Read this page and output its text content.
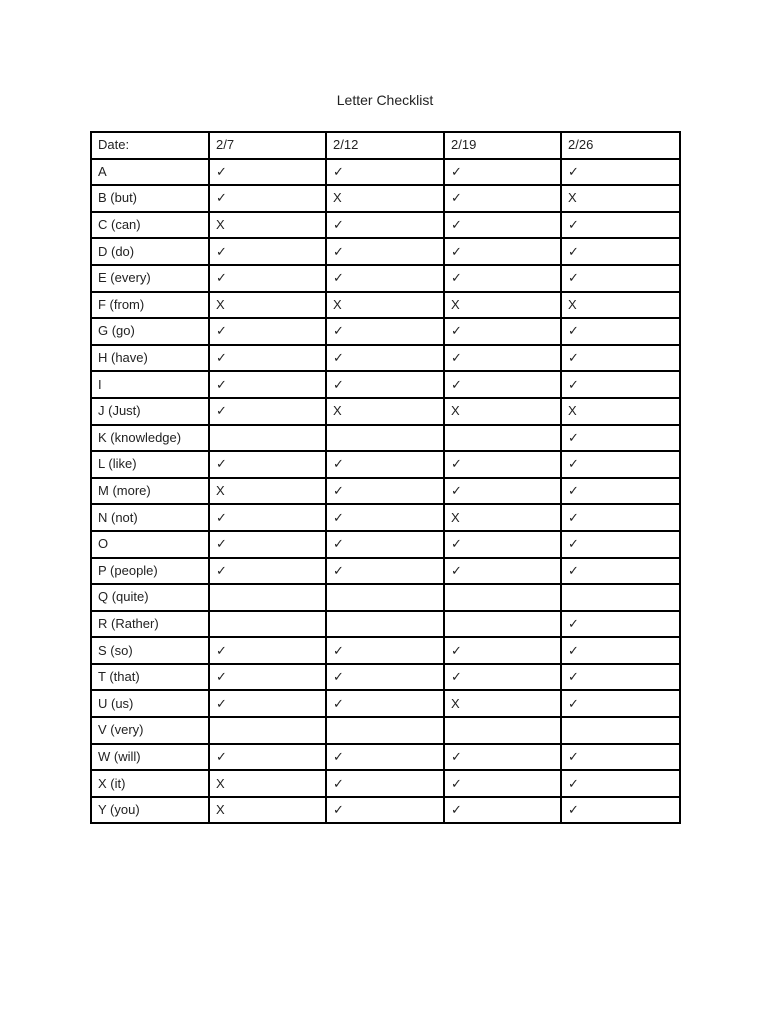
Letter Checklist
Date:	2/7	2/12	2/19	2/26
A	✓	✓	✓	✓
B (but)	✓	X	✓	X
C (can)	X	✓	✓	✓
D (do)	✓	✓	✓	✓
E (every)	✓	✓	✓	✓
F (from)	X	X	X	X
G (go)	✓	✓	✓	✓
H (have)	✓	✓	✓	✓
I	✓	✓	✓	✓
J (Just)	✓	X	X	X
K (knowledge)				✓
L (like)	✓	✓	✓	✓
M (more)	X	✓	✓	✓
N (not)	✓	✓	X	✓
O	✓	✓	✓	✓
P (people)	✓	✓	✓	✓
Q (quite)				
R (Rather)				✓
S (so)	✓	✓	✓	✓
T (that)	✓	✓	✓	✓
U (us)	✓	✓	X	✓
V (very)				
W (will)	✓	✓	✓	✓
X (it)	X	✓	✓	✓
Y (you)	X	✓	✓	✓
